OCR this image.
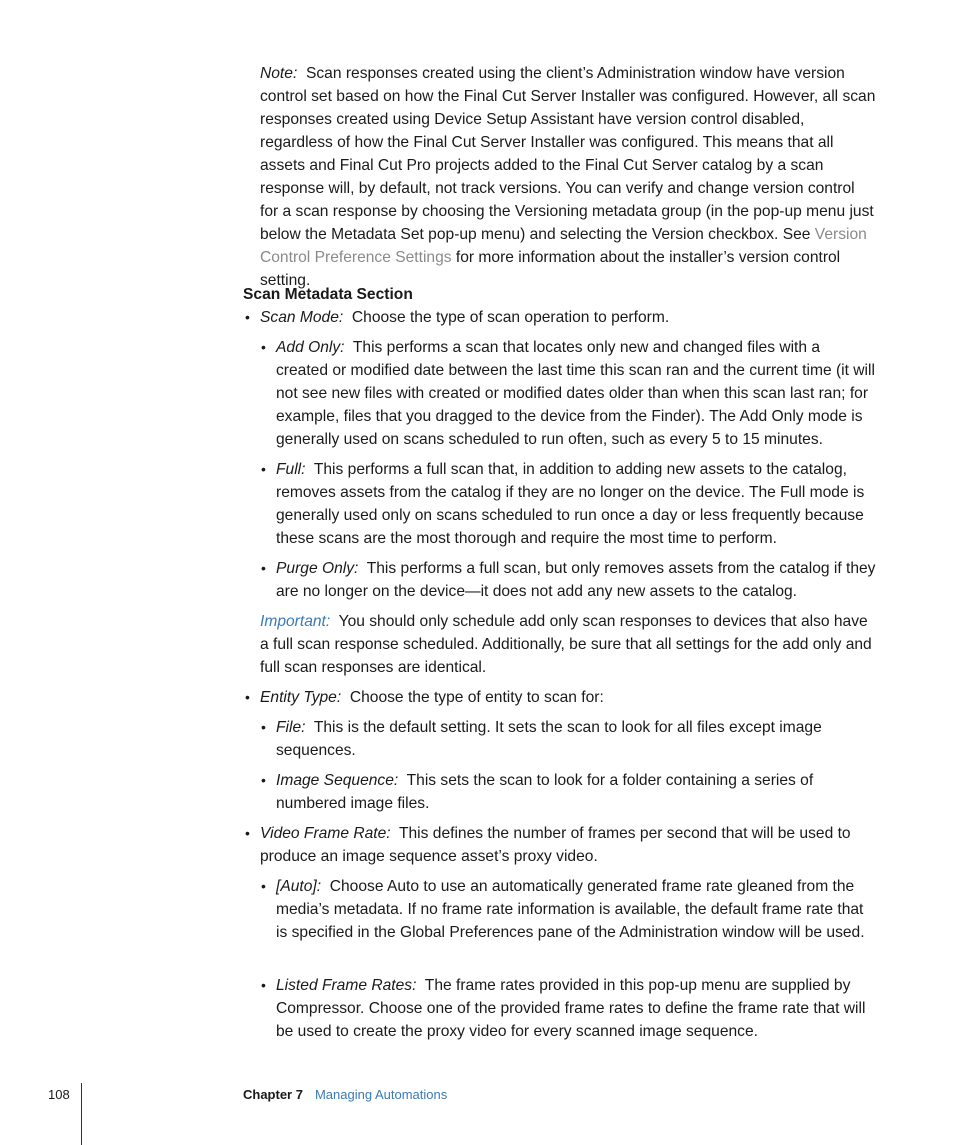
Note: Scan responses created using the client’s Administration window have version control set based on how the Final Cut Server Installer was configured. However, all scan responses created using Device Setup Assistant have version control disabled, regardless of how the Final Cut Server Installer was configured. This means that all assets and Final Cut Pro projects added to the Final Cut Server catalog by a scan response will, by default, not track versions. You can verify and change version control for a scan response by choosing the Versioning metadata group (in the pop-up menu just below the Metadata Set pop-up menu) and selecting the Version checkbox. See Version Control Preference Settings for more information about the installer’s version control setting.

Scan Metadata Section
• Scan Mode: Choose the type of scan operation to perform.
• Add Only: This performs a scan that locates only new and changed files with a created or modified date between the last time this scan ran and the current time (it will not see new files with created or modified dates older than when this scan last ran; for example, files that you dragged to the device from the Finder). The Add Only mode is generally used on scans scheduled to run often, such as every 5 to 15 minutes.
• Full: This performs a full scan that, in addition to adding new assets to the catalog, removes assets from the catalog if they are no longer on the device. The Full mode is generally used only on scans scheduled to run once a day or less frequently because these scans are the most thorough and require the most time to perform.
• Purge Only: This performs a full scan, but only removes assets from the catalog if they are no longer on the device—it does not add any new assets to the catalog.

Important: You should only schedule add only scan responses to devices that also have a full scan response scheduled. Additionally, be sure that all settings for the add only and full scan responses are identical.

• Entity Type: Choose the type of entity to scan for:
• File: This is the default setting. It sets the scan to look for all files except image sequences.
• Image Sequence: This sets the scan to look for a folder containing a series of numbered image files.
• Video Frame Rate: This defines the number of frames per second that will be used to produce an image sequence asset’s proxy video.
• [Auto]: Choose Auto to use an automatically generated frame rate gleaned from the media’s metadata. If no frame rate information is available, the default frame rate that is specified in the Global Preferences pane of the Administration window will be used.
• Listed Frame Rates: The frame rates provided in this pop-up menu are supplied by Compressor. Choose one of the provided frame rates to define the frame rate that will be used to create the proxy video for every scanned image sequence.
108	Chapter 7 Managing Automations
